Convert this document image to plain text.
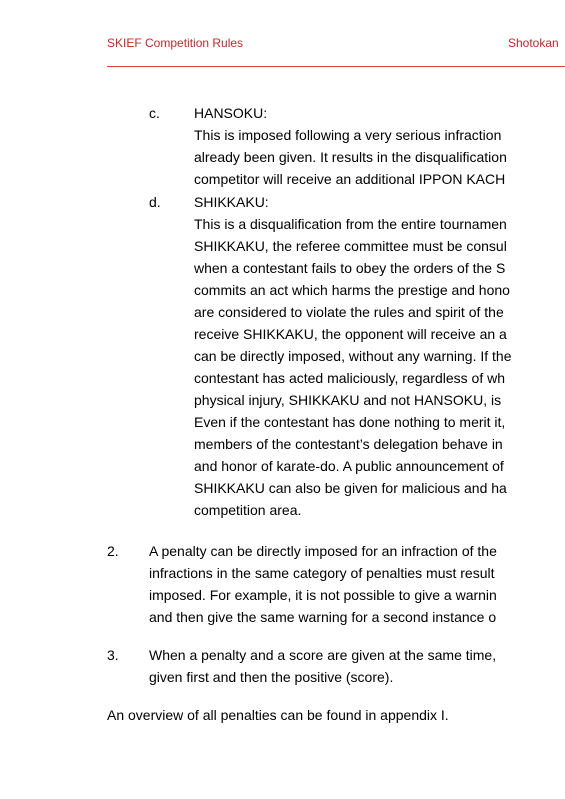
SKIEF Competition Rules	Shotokan
c. HANSOKU:
This is imposed following a very serious infraction
already been given. It results in the disqualification
competitor will receive an additional IPPON KACH
d. SHIKKAKU:
This is a disqualification from the entire tournamen
SHIKKAKU, the referee committee must be consul
when a contestant fails to obey the orders of the S
commits an act which harms the prestige and hono
are considered to violate the rules and spirit of the
receive SHIKKAKU, the opponent will receive an a
can be directly imposed, without any warning. If the
contestant has acted maliciously, regardless of wh
physical injury, SHIKKAKU and not HANSOKU, is
Even if the contestant has done nothing to merit it,
members of the contestant’s delegation behave in
and honor of karate-do. A public announcement of
SHIKKAKU can also be given for malicious and ha
competition area.
2. A penalty can be directly imposed for an infraction of the
infractions in the same category of penalties must result
imposed. For example, it is not possible to give a warnin
and then give the same warning for a second instance o
3. When a penalty and a score are given at the same time,
given first and then the positive (score).
An overview of all penalties can be found in appendix I.
